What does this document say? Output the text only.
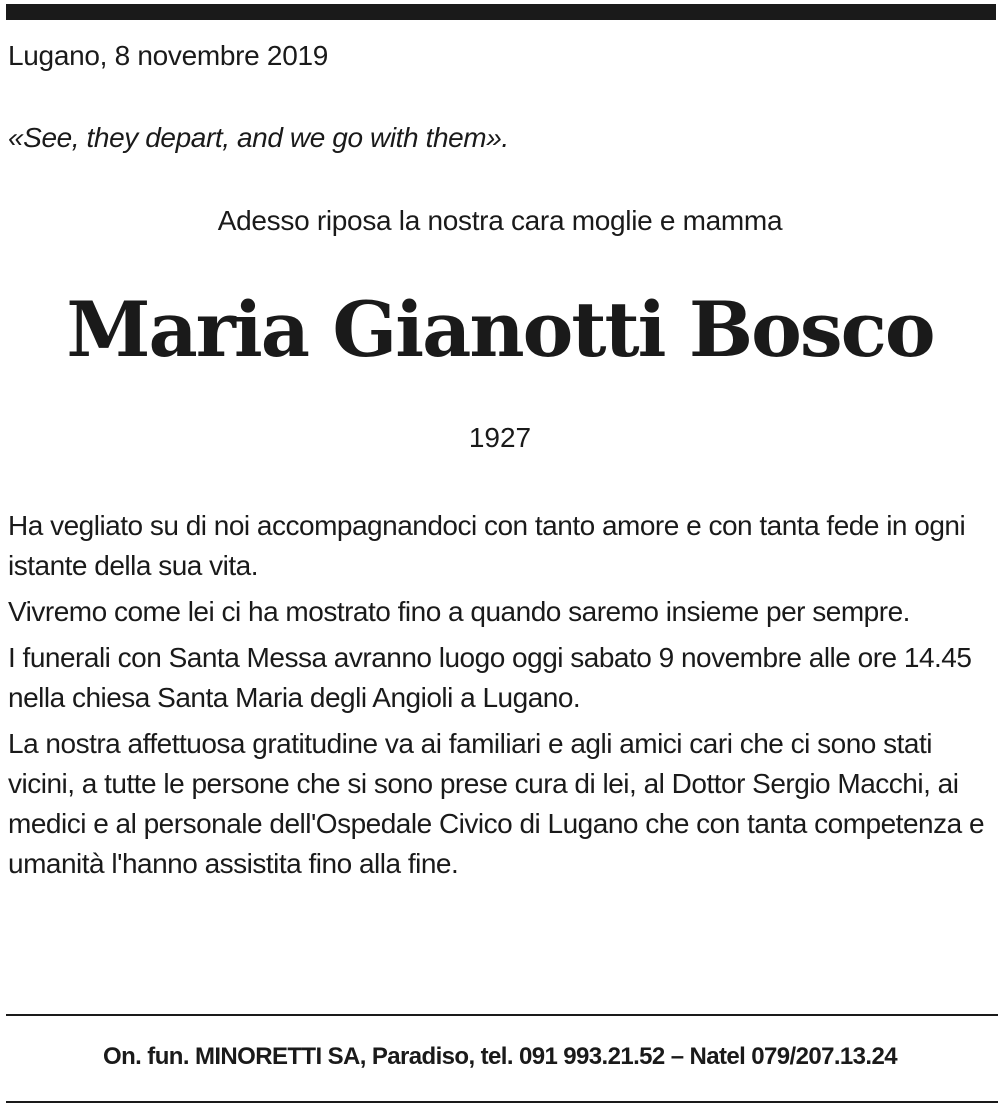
Lugano, 8 novembre 2019
«See, they depart, and we go with them».
Adesso riposa la nostra cara moglie e mamma
Maria Gianotti Bosco
1927

Ha vegliato su di noi accompagnandoci con tanto amore e con tanta fede in ogni istante della sua vita.

Vivremo come lei ci ha mostrato fino a quando saremo insieme per sempre.

I funerali con Santa Messa avranno luogo oggi sabato 9 novembre alle ore 14.45 nella chiesa Santa Maria degli Angioli a Lugano.

La nostra affettuosa gratitudine va ai familiari e agli amici cari che ci sono stati vicini, a tutte le persone che si sono prese cura di lei, al Dottor Sergio Macchi, ai medici e al personale dell'Ospedale Civico di Lugano che con tanta competenza e umanità l'hanno assistita fino alla fine.

On. fun. MINORETTI SA, Paradiso, tel. 091 993.21.52 – Natel 079/207.13.24
